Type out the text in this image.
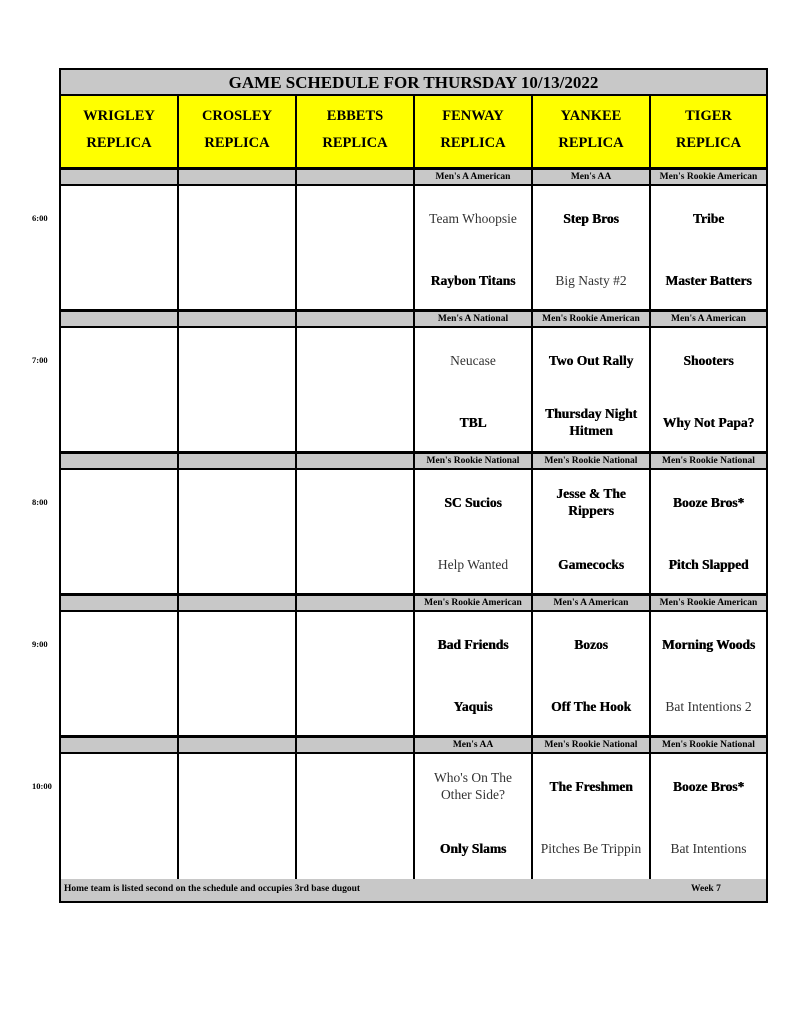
GAME SCHEDULE FOR THURSDAY 10/13/2022
Home team is listed second on the schedule and occupies 3rd base dugout	Week 7
WRIGLEY
REPLICA
CROSLEY
REPLICA
EBBETS
REPLICA
FENWAY
REPLICA
YANKEE
REPLICA
TIGER
REPLICA
Men's A American
Team Whoopsie
Raybon Titans
Men's AA
Step Bros
Big Nasty #2
Men's Rookie American
Tribe
Master Batters
Men's A National
Neucase
TBL
Men's Rookie American
Two Out Rally
Thursday Night Hitmen
Men's A American
Shooters
Why Not Papa?
Men's Rookie National
SC Sucios
Help Wanted
Men's Rookie National
Jesse & The Rippers
Gamecocks
Men's Rookie National
Booze Bros*
Pitch Slapped
Men's Rookie American
Bad Friends
Yaquis
Men's A American
Bozos
Off The Hook
Men's Rookie American
Morning Woods
Bat Intentions 2
Men's AA
Who's On The Other Side?
Only Slams
Men's Rookie National
The Freshmen
Pitches Be Trippin
Men's Rookie National
Booze Bros*
Bat Intentions
6:00
7:00
8:00
9:00
10:00
